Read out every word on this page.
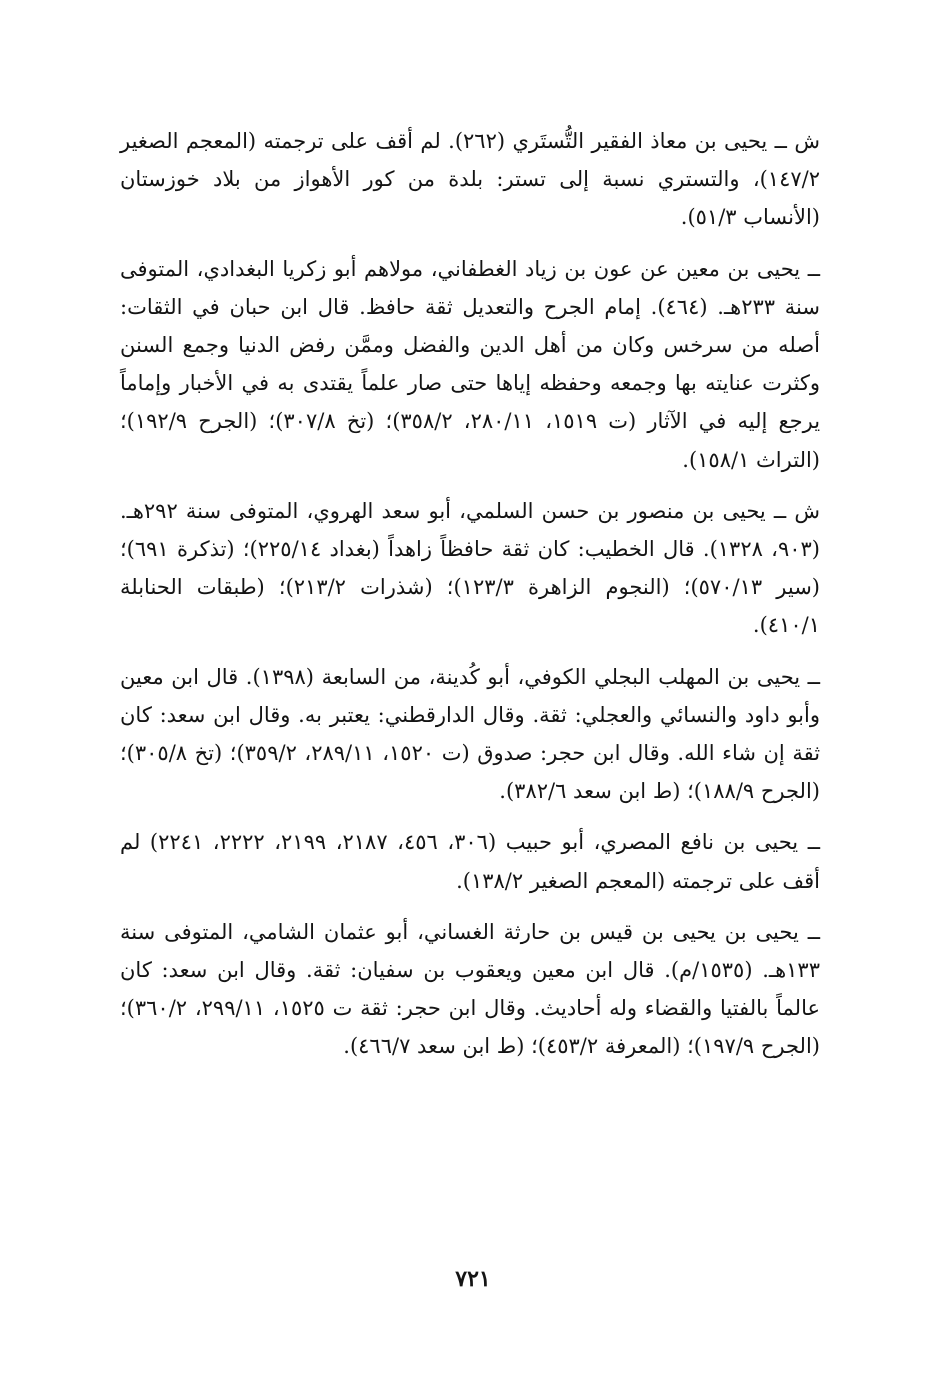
ش ــ يحيى بن معاذ الفقير التُّستَري (٢٦٢). لم أقف على ترجمته (المعجم الصغير ١٤٧/٢)، والتستري نسبة إلى تستر: بلدة من كور الأهواز من بلاد خوزستان (الأنساب ٥١/٣).

ــ يحيى بن معين عن عون بن زياد الغطفاني، مولاهم أبو زكريا البغدادي، المتوفى سنة ٢٣٣هـ. (٤٦٤). إمام الجرح والتعديل ثقة حافظ. قال ابن حبان في الثقات: أصله من سرخس وكان من أهل الدين والفضل وممَّن رفض الدنيا وجمع السنن وكثرت عنايته بها وجمعه وحفظه إياها حتى صار علماً يقتدى به في الأخبار وإماماً يرجع إليه في الآثار (ت ١٥١٩، ٢٨٠/١١، ٣٥٨/٢)؛ (تخ ٣٠٧/٨)؛ (الجرح ١٩٢/٩)؛ (التراث ١٥٨/١).

ش ــ يحيى بن منصور بن حسن السلمي، أبو سعد الهروي، المتوفى سنة ٢٩٢هـ. (٩٠٣، ١٣٢٨). قال الخطيب: كان ثقة حافظاً زاهداً (بغداد ٢٢٥/١٤)؛ (تذكرة ٦٩١)؛ (سير ٥٧٠/١٣)؛ (النجوم الزاهرة ١٢٣/٣)؛ (شذرات ٢١٣/٢)؛ (طبقات الحنابلة ٤١٠/١).

ــ يحيى بن المهلب البجلي الكوفي، أبو كُدينة، من السابعة (١٣٩٨). قال ابن معين وأبو داود والنسائي والعجلي: ثقة. وقال الدارقطني: يعتبر به. وقال ابن سعد: كان ثقة إن شاء الله. وقال ابن حجر: صدوق (ت ١٥٢٠، ٢٨٩/١١، ٣٥٩/٢)؛ (تخ ٣٠٥/٨)؛ (الجرح ١٨٨/٩)؛ (ط ابن سعد ٣٨٢/٦).

ــ يحيى بن نافع المصري، أبو حبيب (٣٠٦، ٤٥٦، ٢١٨٧، ٢١٩٩، ٢٢٢٢، ٢٢٤١) لم أقف على ترجمته (المعجم الصغير ١٣٨/٢).

ــ يحيى بن يحيى بن قيس بن حارثة الغساني، أبو عثمان الشامي، المتوفى سنة ١٣٣هـ. (١٥٣٥/م). قال ابن معين ويعقوب بن سفيان: ثقة. وقال ابن سعد: كان عالماً بالفتيا والقضاء وله أحاديث. وقال ابن حجر: ثقة ت ١٥٢٥، ٢٩٩/١١، ٣٦٠/٢)؛ (الجرح ١٩٧/٩)؛ (المعرفة ٤٥٣/٢)؛ (ط ابن سعد ٤٦٦/٧).

٧٢١
